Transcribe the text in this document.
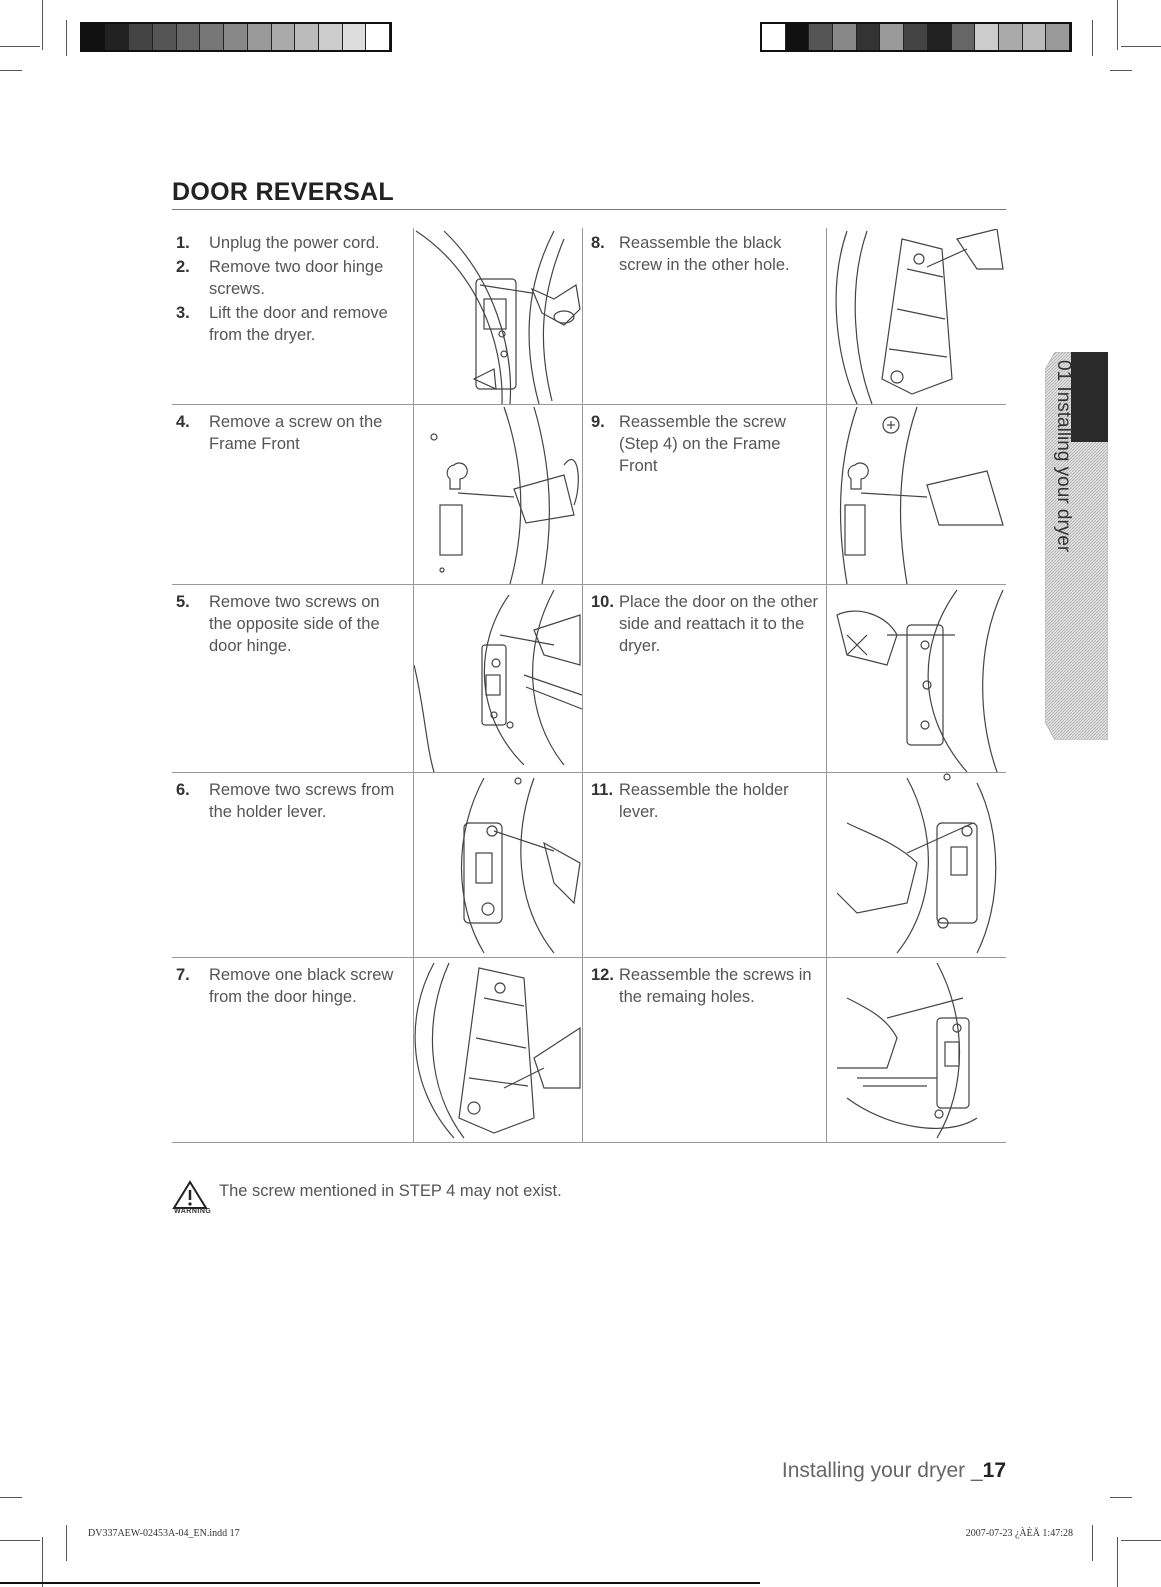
DOOR REVERSAL
1. Unplug the power cord.
2. Remove two door hinge screws.
3. Lift the door and remove from the dryer.
4. Remove a screw on the Frame Front
5. Remove two screws on the opposite side of the door hinge.
6. Remove two screws from the holder lever.
7. Remove one black screw from the door hinge.
8. Reassemble the black screw in the other hole.
9. Reassemble the screw (Step 4) on the Frame Front
10. Place the door on the other side and reattach it to the dryer.
11. Reassemble the holder lever.
12. Reassemble the screws in the remaing holes.
01 Installing your dryer
WARNING
The screw mentioned in STEP 4 may not exist.
Installing your dryer _17
DV337AEW-02453A-04_EN.indd 17	2007-07-23 ¿ÀÈÄ 1:47:28
